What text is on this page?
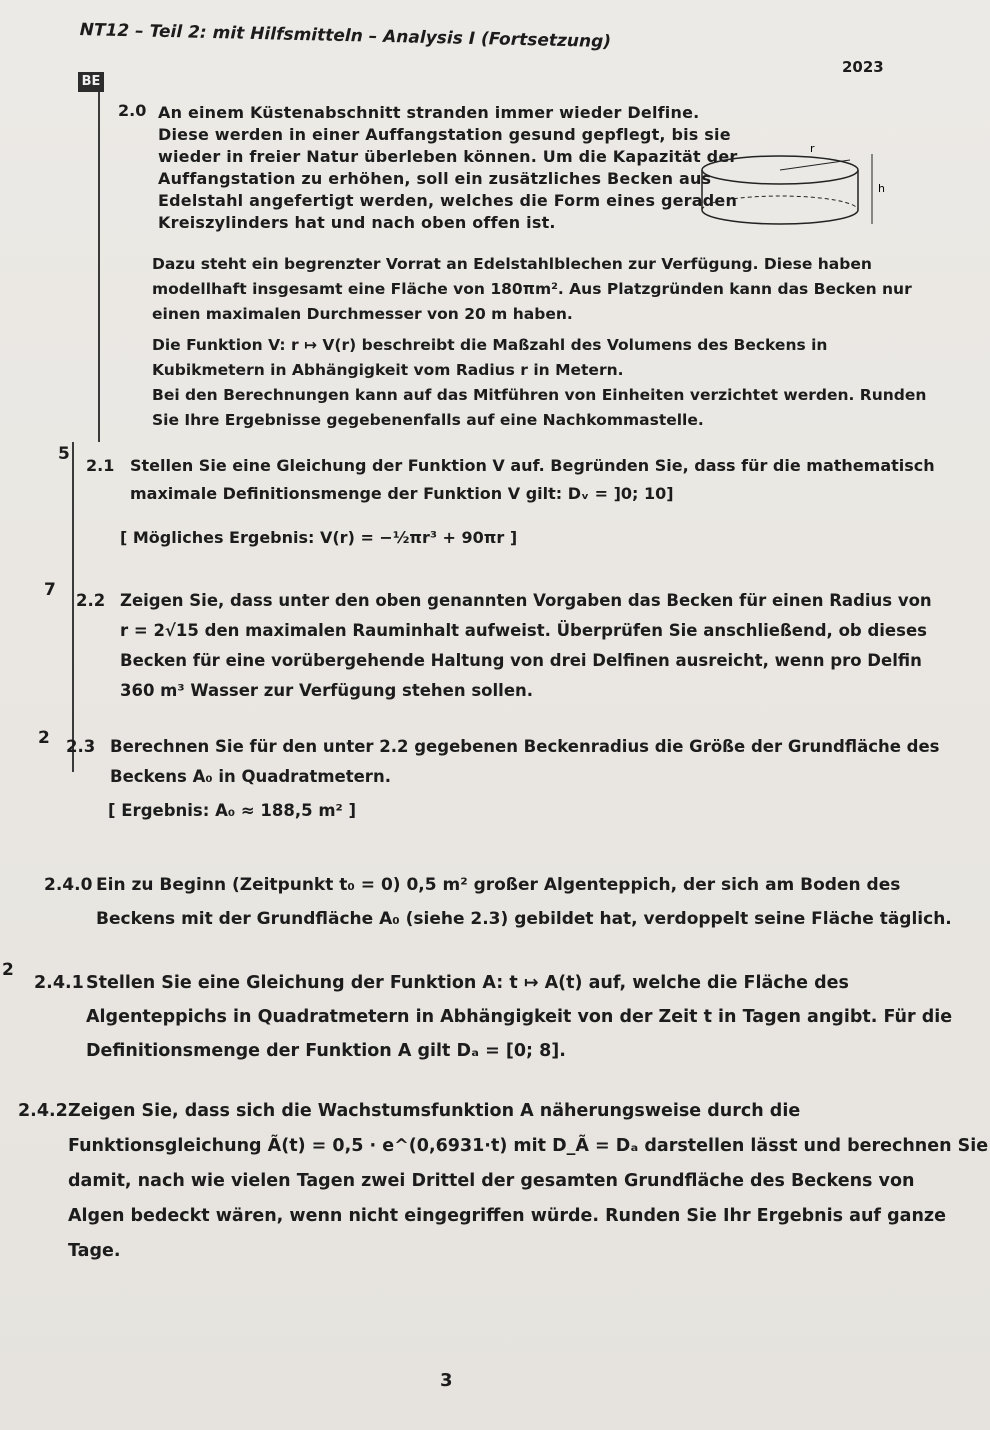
NT12 – Teil 2: mit Hilfsmitteln – Analysis I (Fortsetzung)
2023
BE
2.0 An einem Küstenabschnitt stranden immer wieder Delfine.
Diese werden in einer Auffangstation gesund gepflegt, bis sie
wieder in freier Natur überleben können. Um die Kapazität der
Auffangstation zu erhöhen, soll ein zusätzliches Becken aus
Edelstahl angefertigt werden, welches die Form eines geraden
Kreiszylinders hat und nach oben offen ist.
Dazu steht ein begrenzter Vorrat an Edelstahlblechen zur Verfügung. Diese haben
modellhaft insgesamt eine Fläche von 180πm². Aus Platzgründen kann das Becken nur
einen maximalen Durchmesser von 20 m haben.
Die Funktion V: r ↦ V(r) beschreibt die Maßzahl des Volumens des Beckens in
Kubikmetern in Abhängigkeit vom Radius r in Metern.
Bei den Berechnungen kann auf das Mitführen von Einheiten verzichtet werden. Runden
Sie Ihre Ergebnisse gegebenenfalls auf eine Nachkommastelle.
r
h
5
2.1 Stellen Sie eine Gleichung der Funktion V auf. Begründen Sie, dass für die mathematisch
maximale Definitionsmenge der Funktion V gilt: Dᵥ = ]0; 10]
[ Mögliches Ergebnis: V(r) = −½πr³ + 90πr ]
7
2.2 Zeigen Sie, dass unter den oben genannten Vorgaben das Becken für einen Radius von
r = 2√15 den maximalen Rauminhalt aufweist. Überprüfen Sie anschließend, ob dieses
Becken für eine vorübergehende Haltung von drei Delfinen ausreicht, wenn pro Delfin
360 m³ Wasser zur Verfügung stehen sollen.
2 2.3 Berechnen Sie für den unter 2.2 gegebenen Beckenradius die Größe der Grundfläche des
Beckens A₀ in Quadratmetern.
[ Ergebnis: A₀ ≈ 188,5 m² ]
2.4.0 Ein zu Beginn (Zeitpunkt t₀ = 0) 0,5 m² großer Algenteppich, der sich am Boden des
Beckens mit der Grundfläche A₀ (siehe 2.3) gebildet hat, verdoppelt seine Fläche täglich.
2
2.4.1 Stellen Sie eine Gleichung der Funktion A: t ↦ A(t) auf, welche die Fläche des
Algenteppichs in Quadratmetern in Abhängigkeit von der Zeit t in Tagen angibt. Für die
Definitionsmenge der Funktion A gilt Dₐ = [0; 8].
2.4.2 Zeigen Sie, dass sich die Wachstumsfunktion A näherungsweise durch die
Funktionsgleichung Ã(t) = 0,5 · e^(0,6931·t) mit D_Ã = Dₐ darstellen lässt und berechnen Sie
damit, nach wie vielen Tagen zwei Drittel der gesamten Grundfläche des Beckens von
Algen bedeckt wären, wenn nicht eingegriffen würde. Runden Sie Ihr Ergebnis auf ganze
Tage.
3
